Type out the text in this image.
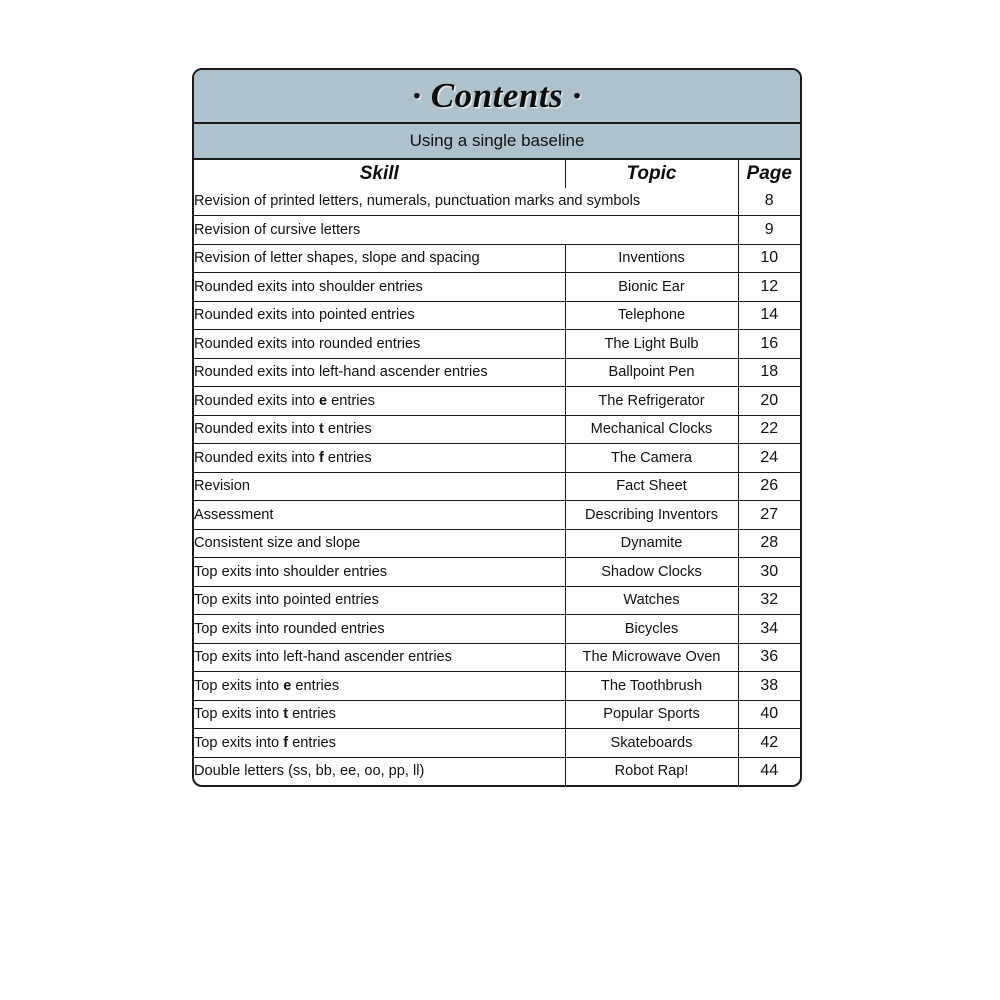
· Contents ·
Using a single baseline
Skill	Topic	Page
Revision of printed letters, numerals, punctuation marks and symbols		8
Revision of cursive letters		9
Revision of letter shapes, slope and spacing	Inventions	10
Rounded exits into shoulder entries	Bionic Ear	12
Rounded exits into pointed entries	Telephone	14
Rounded exits into rounded entries	The Light Bulb	16
Rounded exits into left-hand ascender entries	Ballpoint Pen	18
Rounded exits into e entries	The Refrigerator	20
Rounded exits into t entries	Mechanical Clocks	22
Rounded exits into f entries	The Camera	24
Revision	Fact Sheet	26
Assessment	Describing Inventors	27
Consistent size and slope	Dynamite	28
Top exits into shoulder entries	Shadow Clocks	30
Top exits into pointed entries	Watches	32
Top exits into rounded entries	Bicycles	34
Top exits into left-hand ascender entries	The Microwave Oven	36
Top exits into e entries	The Toothbrush	38
Top exits into t entries	Popular Sports	40
Top exits into f entries	Skateboards	42
Double letters (ss, bb, ee, oo, pp, ll)	Robot Rap!	44
